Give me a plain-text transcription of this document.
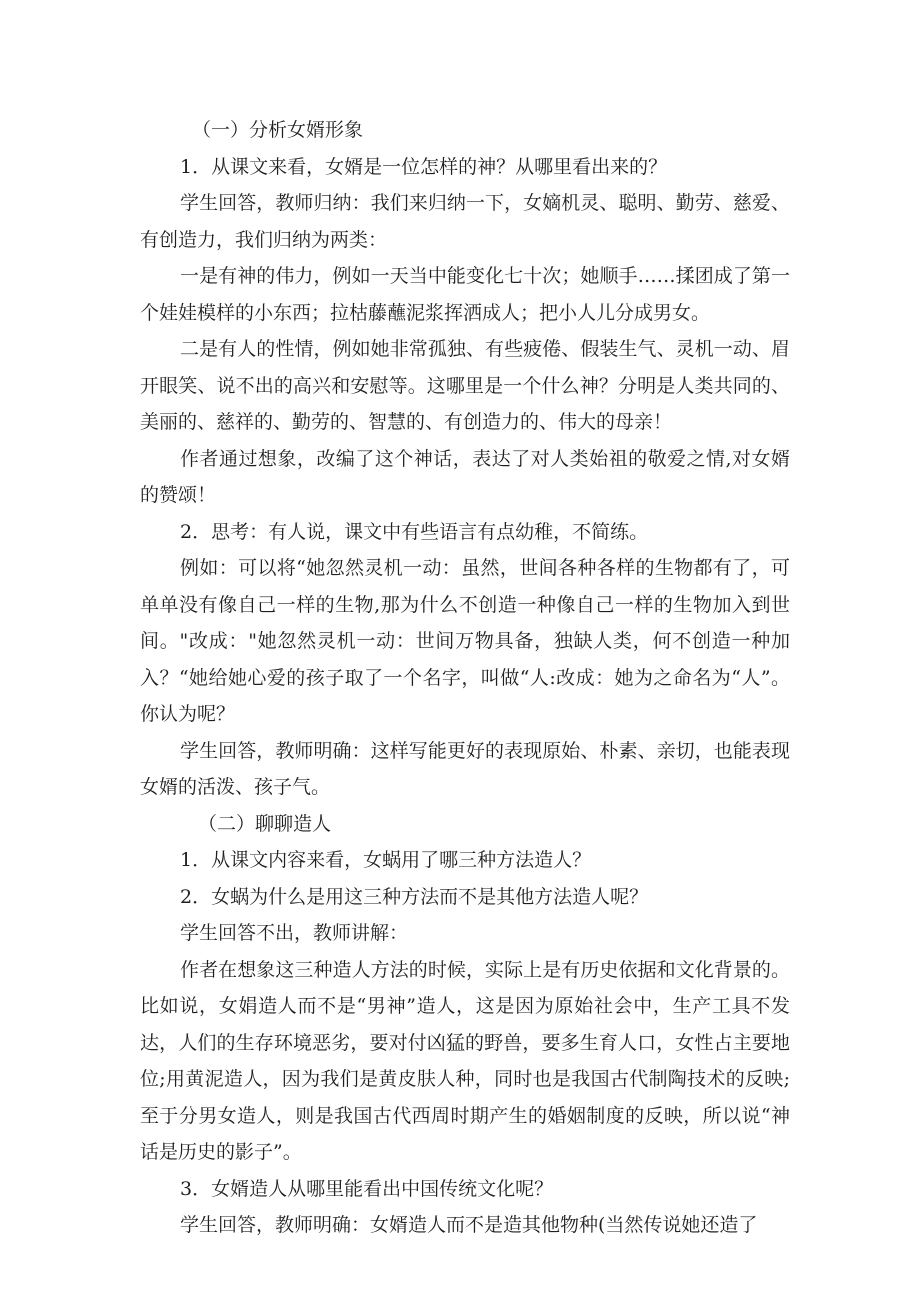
（一）分析女婿形象

1．从课文来看，女婿是一位怎样的神？从哪里看出来的？

学生回答，教师归纳：我们来归纳一下，女嫡机灵、聪明、勤劳、慈爱、有创造力，我们归纳为两类：

一是有神的伟力，例如一天当中能变化七十次；她顺手……揉团成了第一个娃娃模样的小东西；拉枯藤蘸泥浆挥洒成人；把小人儿分成男女。

二是有人的性情，例如她非常孤独、有些疲倦、假装生气、灵机一动、眉开眼笑、说不出的高兴和安慰等。这哪里是一个什么神？分明是人类共同的、美丽的、慈祥的、勤劳的、智慧的、有创造力的、伟大的母亲！

作者通过想象，改编了这个神话，表达了对人类始祖的敬爱之情,对女婿的赞颂！

2．思考：有人说，课文中有些语言有点幼稚，不简练。

例如：可以将“她忽然灵机一动：虽然，世间各种各样的生物都有了，可单单没有像自己一样的生物,那为什么不创造一种像自己一样的生物加入到世间。"改成："她忽然灵机一动：世间万物具备，独缺人类，何不创造一种加入？“她给她心爱的孩子取了一个名字，叫做“人:改成：她为之命名为“人”。你认为呢？

学生回答，教师明确：这样写能更好的表现原始、朴素、亲切，也能表现女婿的活泼、孩子气。

（二）聊聊造人

1．从课文内容来看，女蜗用了哪三种方法造人？

2．女蜗为什么是用这三种方法而不是其他方法造人呢？

学生回答不出，教师讲解：

作者在想象这三种造人方法的时候，实际上是有历史依据和文化背景的。比如说，女娟造人而不是“男神”造人，这是因为原始社会中，生产工具不发达，人们的生存环境恶劣，要对付凶猛的野兽，要多生育人口，女性占主要地位;用黄泥造人，因为我们是黄皮肤人种，同时也是我国古代制陶技术的反映;至于分男女造人，则是我国古代西周时期产生的婚姻制度的反映，所以说“神话是历史的影子”。

3．女婿造人从哪里能看出中国传统文化呢？

学生回答，教师明确：女婿造人而不是造其他物种(当然传说她还造了
